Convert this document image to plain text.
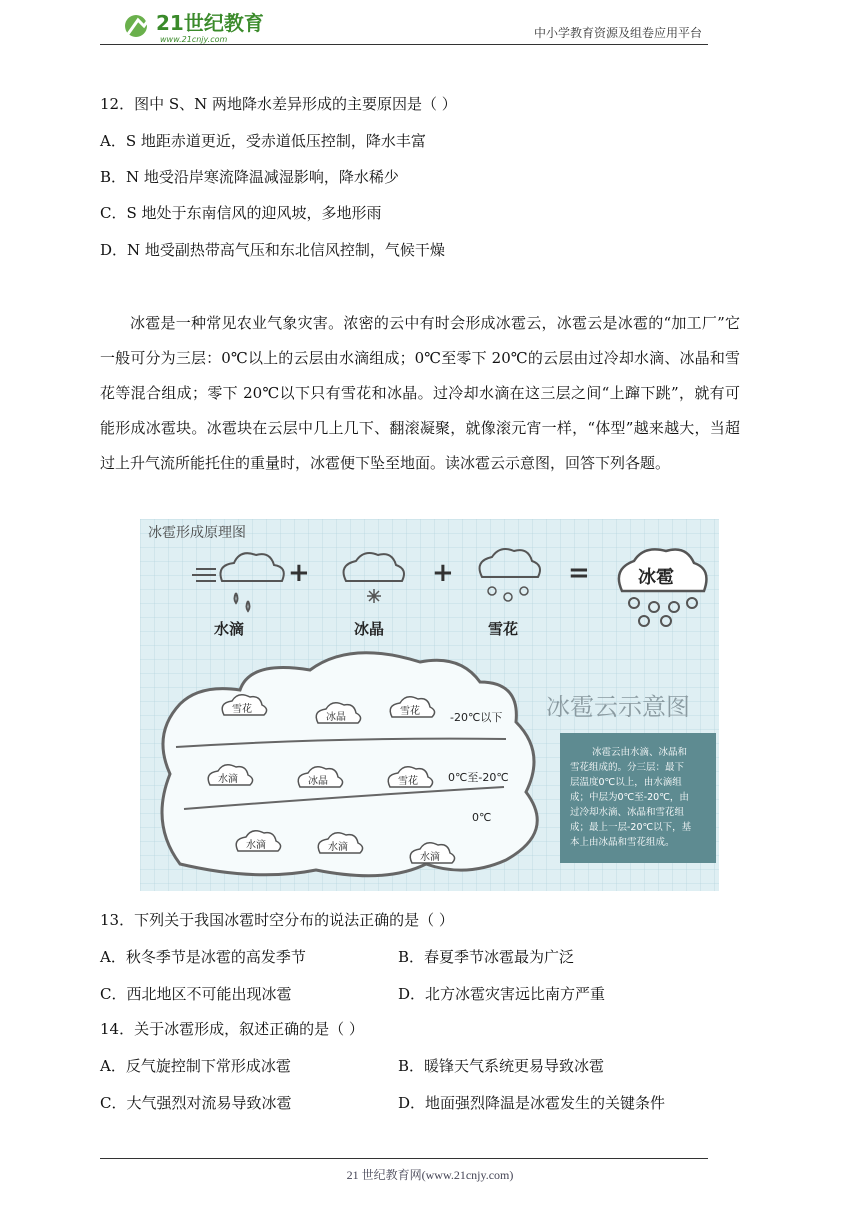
21世纪教育
www.21cnjy.com	中小学教育资源及组卷应用平台
12．图中 S、N 两地降水差异形成的主要原因是（ ）
A．S 地距赤道更近，受赤道低压控制，降水丰富
B．N 地受沿岸寒流降温减湿影响，降水稀少
C．S 地处于东南信风的迎风坡，多地形雨
D．N 地受副热带高气压和东北信风控制，气候干燥

冰雹是一种常见农业气象灾害。浓密的云中有时会形成冰雹云，冰雹云是冰雹的“加工厂”它一般可分为三层：0℃以上的云层由水滴组成；0℃至零下 20℃的云层由过冷却水滴、冰晶和雪花等混合组成；零下 20℃以下只有雪花和冰晶。过冷却水滴在这三层之间“上蹿下跳”，就有可能形成冰雹块。冰雹块在云层中几上几下、翻滚凝聚，就像滚元宵一样，“体型”越来越大，当超过上升气流所能托住的重量时，冰雹便下坠至地面。读冰雹云示意图，回答下列各题。

冰雹形成原理图
水滴
+
冰晶
+
雪花
=	冰雹
雪花
冰晶
雪花	-20℃以下
水滴	冰晶	雪花	0℃至-20℃
0℃
水滴	水滴
水滴
冰雹云示意图
冰雹云由水滴、冰晶和
雪花组成的。分三层：最下
层温度0℃以上，由水滴组
成；中层为0℃至-20℃，由
过冷却水滴、冰晶和雪花组
成；最上一层-20℃以下，基
本上由冰晶和雪花组成。
13．下列关于我国冰雹时空分布的说法正确的是（ ）
A．秋冬季节是冰雹的高发季节	B．春夏季节冰雹最为广泛
C．西北地区不可能出现冰雹	D．北方冰雹灾害远比南方严重
14．关于冰雹形成，叙述正确的是（ ）
A．反气旋控制下常形成冰雹	B．暖锋天气系统更易导致冰雹
C．大气强烈对流易导致冰雹	D．地面强烈降温是冰雹发生的关键条件
21 世纪教育网(www.21cnjy.com)
